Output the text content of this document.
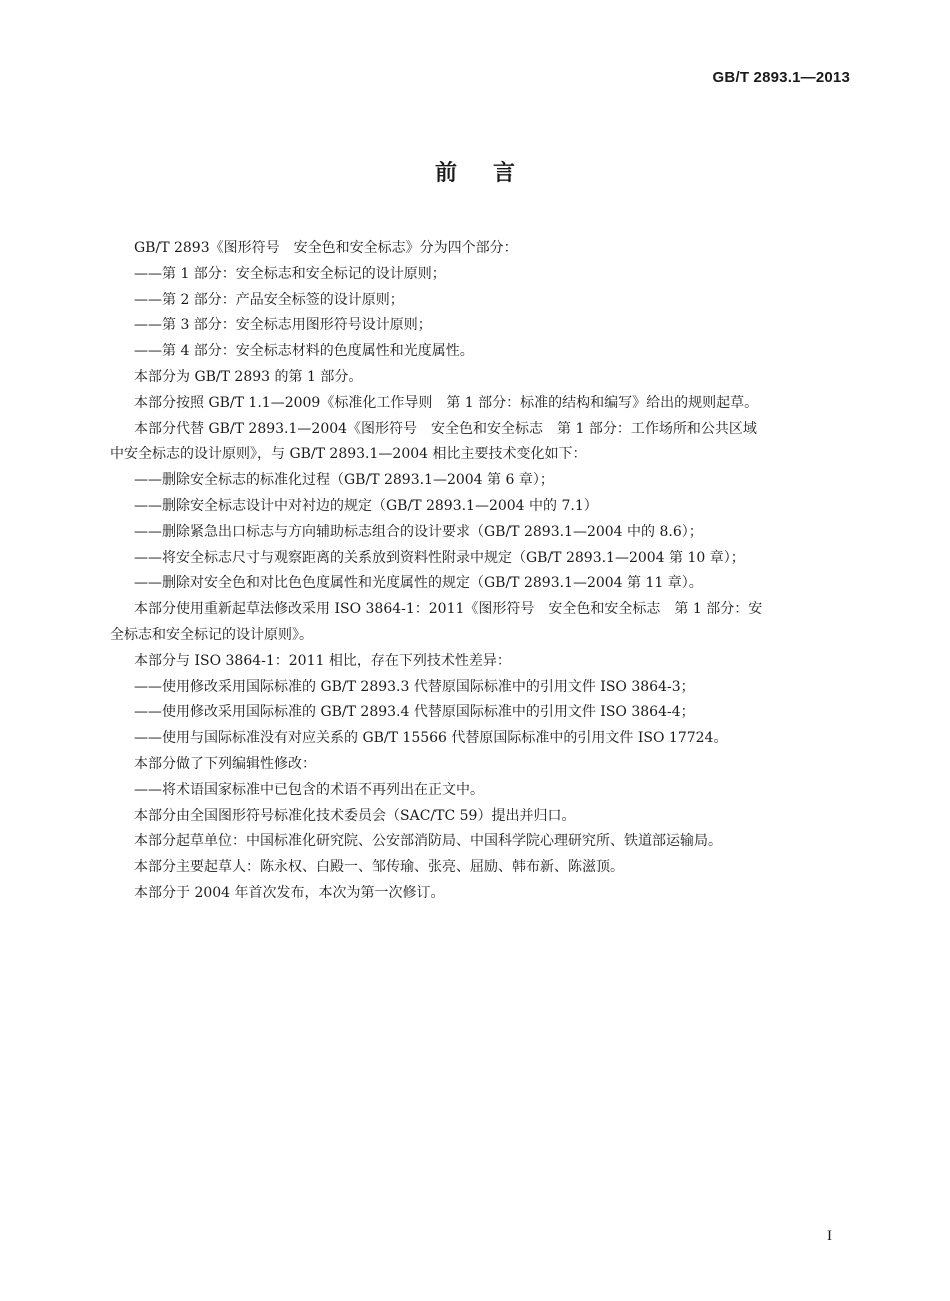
GB/T 2893.1—2013
前言
GB/T 2893《图形符号　安全色和安全标志》分为四个部分：
——第 1 部分：安全标志和安全标记的设计原则；
——第 2 部分：产品安全标签的设计原则；
——第 3 部分：安全标志用图形符号设计原则；
——第 4 部分：安全标志材料的色度属性和光度属性。
本部分为 GB/T 2893 的第 1 部分。
本部分按照 GB/T 1.1—2009《标准化工作导则　第 1 部分：标准的结构和编写》给出的规则起草。
本部分代替 GB/T 2893.1—2004《图形符号　安全色和安全标志　第 1 部分：工作场所和公共区域
中安全标志的设计原则》，与 GB/T 2893.1—2004 相比主要技术变化如下：
——删除安全标志的标准化过程（GB/T 2893.1—2004 第 6 章）；
——删除安全标志设计中对衬边的规定（GB/T 2893.1—2004 中的 7.1）
——删除紧急出口标志与方向辅助标志组合的设计要求（GB/T 2893.1—2004 中的 8.6）；
——将安全标志尺寸与观察距离的关系放到资料性附录中规定（GB/T 2893.1—2004 第 10 章）；
——删除对安全色和对比色色度属性和光度属性的规定（GB/T 2893.1—2004 第 11 章）。
本部分使用重新起草法修改采用 ISO 3864-1：2011《图形符号　安全色和安全标志　第 1 部分：安
全标志和安全标记的设计原则》。
本部分与 ISO 3864-1：2011 相比，存在下列技术性差异：
——使用修改采用国际标准的 GB/T 2893.3 代替原国际标准中的引用文件 ISO 3864-3；
——使用修改采用国际标准的 GB/T 2893.4 代替原国际标准中的引用文件 ISO 3864-4；
——使用与国际标准没有对应关系的 GB/T 15566 代替原国际标准中的引用文件 ISO 17724。
本部分做了下列编辑性修改：
——将术语国家标准中已包含的术语不再列出在正文中。
本部分由全国图形符号标准化技术委员会（SAC/TC 59）提出并归口。
本部分起草单位：中国标准化研究院、公安部消防局、中国科学院心理研究所、铁道部运输局。
本部分主要起草人：陈永权、白殿一、邹传瑜、张亮、屈励、韩布新、陈滋顶。
本部分于 2004 年首次发布，本次为第一次修订。
I
